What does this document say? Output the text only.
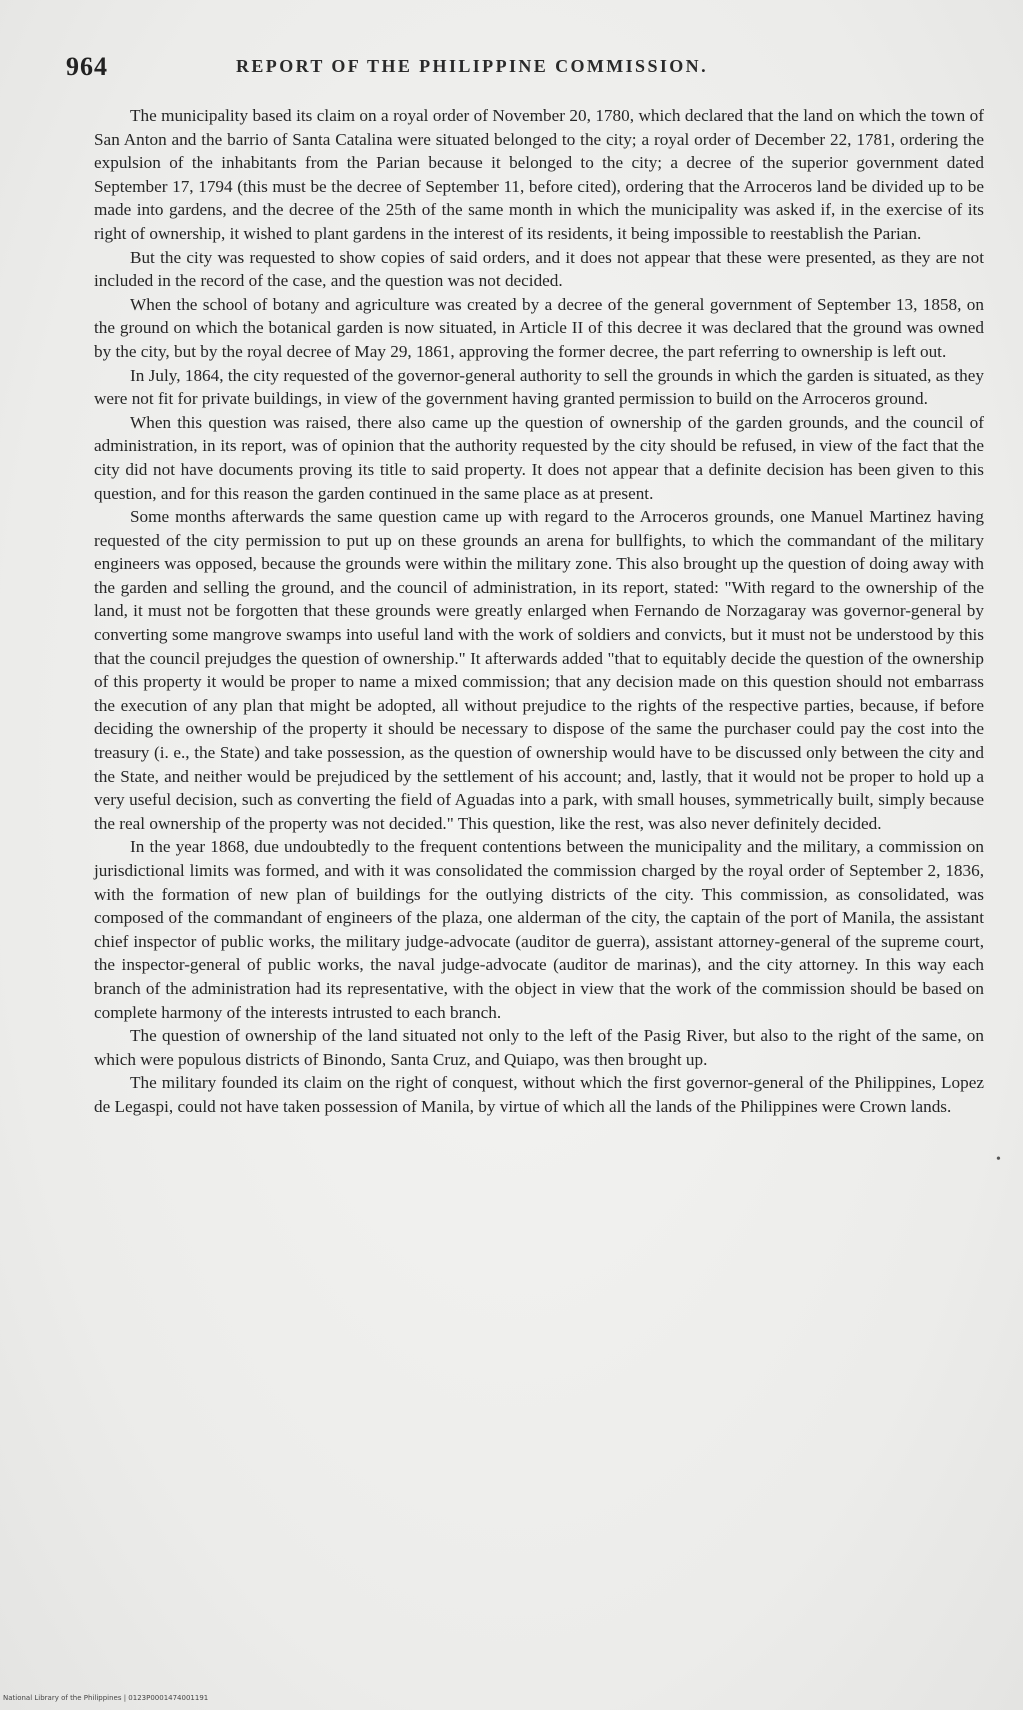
964	REPORT OF THE PHILIPPINE COMMISSION.

The municipality based its claim on a royal order of November 20, 1780, which declared that the land on which the town of San Anton and the barrio of Santa Catalina were situated belonged to the city; a royal order of December 22, 1781, ordering the expulsion of the inhabitants from the Parian because it belonged to the city; a decree of the superior government dated September 17, 1794 (this must be the decree of September 11, before cited), ordering that the Arroceros land be divided up to be made into gardens, and the decree of the 25th of the same month in which the municipality was asked if, in the exercise of its right of ownership, it wished to plant gardens in the interest of its residents, it being impossible to reestablish the Parian.

But the city was requested to show copies of said orders, and it does not appear that these were presented, as they are not included in the record of the case, and the question was not decided.

When the school of botany and agriculture was created by a decree of the general government of September 13, 1858, on the ground on which the botanical garden is now situated, in Article II of this decree it was declared that the ground was owned by the city, but by the royal decree of May 29, 1861, approving the former decree, the part referring to ownership is left out.

In July, 1864, the city requested of the governor-general authority to sell the grounds in which the garden is situated, as they were not fit for private buildings, in view of the government having granted permission to build on the Arroceros ground.

When this question was raised, there also came up the question of ownership of the garden grounds, and the council of administration, in its report, was of opinion that the authority requested by the city should be refused, in view of the fact that the city did not have documents proving its title to said property. It does not appear that a definite decision has been given to this question, and for this reason the garden continued in the same place as at present.

Some months afterwards the same question came up with regard to the Arroceros grounds, one Manuel Martinez having requested of the city permission to put up on these grounds an arena for bullfights, to which the commandant of the military engineers was opposed, because the grounds were within the military zone. This also brought up the question of doing away with the garden and selling the ground, and the council of administration, in its report, stated: "With regard to the ownership of the land, it must not be forgotten that these grounds were greatly enlarged when Fernando de Norzagaray was governor-general by converting some mangrove swamps into useful land with the work of soldiers and convicts, but it must not be understood by this that the council prejudges the question of ownership." It afterwards added "that to equitably decide the question of the ownership of this property it would be proper to name a mixed commission; that any decision made on this question should not embarrass the execution of any plan that might be adopted, all without prejudice to the rights of the respective parties, because, if before deciding the ownership of the property it should be necessary to dispose of the same the purchaser could pay the cost into the treasury (i. e., the State) and take possession, as the question of ownership would have to be discussed only between the city and the State, and neither would be prejudiced by the settlement of his account; and, lastly, that it would not be proper to hold up a very useful decision, such as converting the field of Aguadas into a park, with small houses, symmetrically built, simply because the real ownership of the property was not decided." This question, like the rest, was also never definitely decided.

In the year 1868, due undoubtedly to the frequent contentions between the municipality and the military, a commission on jurisdictional limits was formed, and with it was consolidated the commission charged by the royal order of September 2, 1836, with the formation of new plan of buildings for the outlying districts of the city. This commission, as consolidated, was composed of the commandant of engineers of the plaza, one alderman of the city, the captain of the port of Manila, the assistant chief inspector of public works, the military judge-advocate (auditor de guerra), assistant attorney-general of the supreme court, the inspector-general of public works, the naval judge-advocate (auditor de marinas), and the city attorney. In this way each branch of the administration had its representative, with the object in view that the work of the commission should be based on complete harmony of the interests intrusted to each branch.

The question of ownership of the land situated not only to the left of the Pasig River, but also to the right of the same, on which were populous districts of Binondo, Santa Cruz, and Quiapo, was then brought up.

The military founded its claim on the right of conquest, without which the first governor-general of the Philippines, Lopez de Legaspi, could not have taken possession of Manila, by virtue of which all the lands of the Philippines were Crown lands.

•
National Library of the Philippines | 0123P0001474001191
